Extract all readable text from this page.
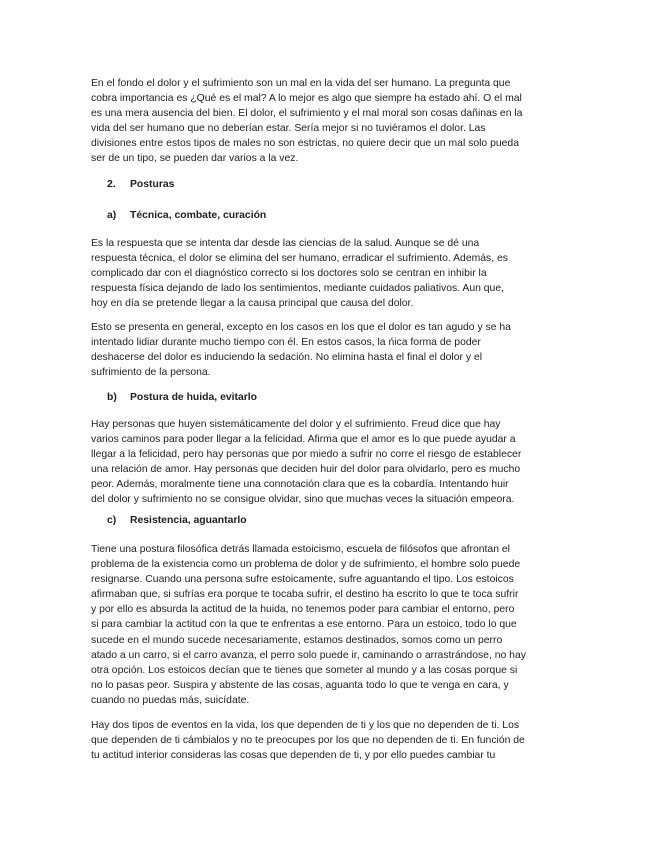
En el fondo el dolor y el sufrimiento son un mal en la vida del ser humano. La pregunta que
cobra importancia es ¿Qué es el mal? A lo mejor es algo que siempre ha estado ahí. O el mal
es una mera ausencia del bien. El dolor, el sufrimiento y el mal moral son cosas dañinas en la
vida del ser humano que no deberían estar. Sería mejor si no tuviéramos el dolor. Las
divisiones entre estos tipos de males no son estrictas, no quiere decir que un mal solo pueda
ser de un tipo, se pueden dar varios a la vez.
2. Posturas
a) Técnica, combate, curación
Es la respuesta que se intenta dar desde las ciencias de la salud. Aunque se dé una
respuesta técnica, el dolor se elimina del ser humano, erradicar el sufrimiento. Además, es
complicado dar con el diagnóstico correcto si los doctores solo se centran en inhibir la
respuesta física dejando de lado los sentimientos, mediante cuidados paliativos. Aun que,
hoy en día se pretende llegar a la causa principal que causa del dolor.
Esto se presenta en general, excepto en los casos en los que el dolor es tan agudo y se ha
intentado lidiar durante mucho tiempo con él. En estos casos, la ńica forma de poder
deshacerse del dolor es induciendo la sedación. No elimina hasta el final el dolor y el
sufrimiento de la persona.
b) Postura de huida, evitarlo
Hay personas que huyen sistemáticamente del dolor y el sufrimiento. Freud dice que hay
varios caminos para poder llegar a la felicidad. Afirma que el amor es lo que puede ayudar a
llegar a la felicidad, pero hay personas que por miedo a sufrir no corre el riesgo de establecer
una relación de amor. Hay personas que deciden huir del dolor para olvidarlo, pero es mucho
peor. Además, moralmente tiene una connotación clara que es la cobardía. Intentando huir
del dolor y sufrimiento no se consigue olvidar, sino que muchas veces la situación empeora.
c) Resistencia, aguantarlo
Tiene una postura filosófica detrás llamada estoicismo, escuela de filósofos que afrontan el
problema de la existencia como un problema de dolor y de sufrimiento, el hombre solo puede
resignarse. Cuando una persona sufre estoicamente, sufre aguantando el tipo. Los estoicos
afirmaban que, si sufrías era porque te tocaba sufrir, el destino ha escrito lo que te toca sufrir
y por ello es absurda la actitud de la huida, no tenemos poder para cambiar el entorno, pero
si para cambiar la actitud con la que te enfrentas a ese entorno. Para un estoico, todo lo que
sucede en el mundo sucede necesariamente, estamos destinados, somos como un perro
atado a un carro, si el carro avanza, el perro solo puede ir, caminando o arrastrándose, no hay
otra opción. Los estoicos decían que te tienes que someter al mundo y a las cosas porque si
no lo pasas peor. Suspira y abstente de las cosas, aguanta todo lo que te venga en cara, y
cuando no puedas más, suicídate.
Hay dos tipos de eventos en la vida, los que dependen de ti y los que no dependen de ti. Los
que dependen de ti cámbialos y no te preocupes por los que no dependen de ti. En función de
tu actitud interior consideras las cosas que dependen de ti, y por ello puedes cambiar tu
